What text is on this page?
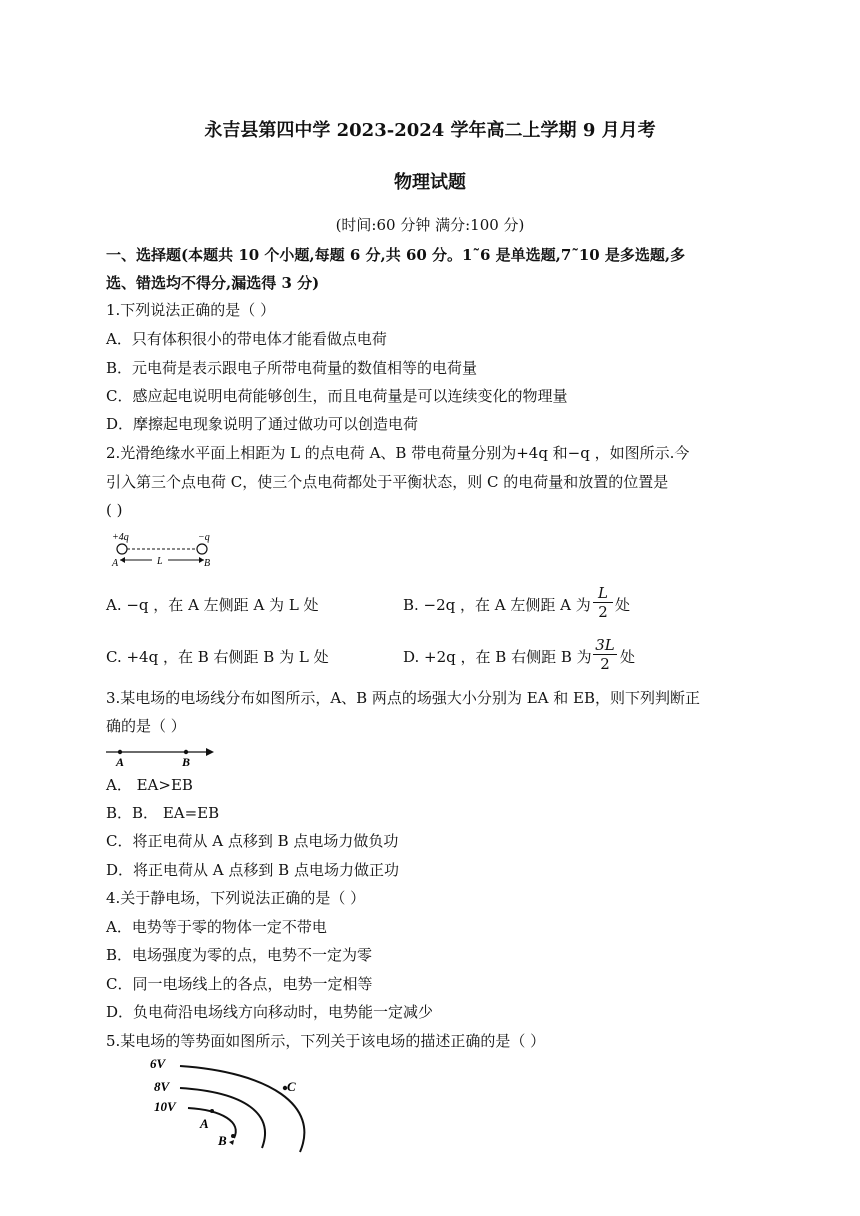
永吉县第四中学 2023-2024 学年高二上学期 9 月月考
物理试题
(时间:60 分钟 满分:100 分)
一、选择题(本题共 10 个小题,每题 6 分,共 60 分。1˜6 是单选题,7˜10 是多选题,多
选、错选均不得分,漏选得 3 分)
1.下列说法正确的是（ ）
A．只有体积很小的带电体才能看做点电荷
B．元电荷是表示跟电子所带电荷量的数值相等的电荷量
C．感应起电说明电荷能够创生，而且电荷量是可以连续变化的物理量
D．摩擦起电现象说明了通过做功可以创造电荷
2.光滑绝缘水平面上相距为 L 的点电荷 A、B 带电荷量分别为+4q 和−q ，如图所示.今
引入第三个点电荷 C，使三个点电荷都处于平衡状态，则 C 的电荷量和放置的位置是
( )
+4q	−q
A	L	B
A. −q ，在 A 左侧距 A 为 L 处	B. −2q ，在 A 左侧距 A 为 $\frac{L}{2}$ 处
C. +4q ，在 B 右侧距 B 为 L 处	D. +2q ，在 B 右侧距 B 为 $\frac{3L}{2}$ 处
3.某电场的电场线分布如图所示，A、B 两点的场强大小分别为 EA 和 EB，则下列判断正
确的是（ ）
A	B
A． EA>EB
B．B． EA=EB
C．将正电荷从 A 点移到 B 点电场力做负功
D．将正电荷从 A 点移到 B 点电场力做正功
4.关于静电场，下列说法正确的是（ ）
A．电势等于零的物体一定不带电
B．电场强度为零的点，电势不一定为零
C．同一电场线上的各点，电势一定相等
D．负电荷沿电场线方向移动时，电势能一定减少
5.某电场的等势面如图所示，下列关于该电场的描述正确的是（ ）
6V
8V
10V
A
B
C
